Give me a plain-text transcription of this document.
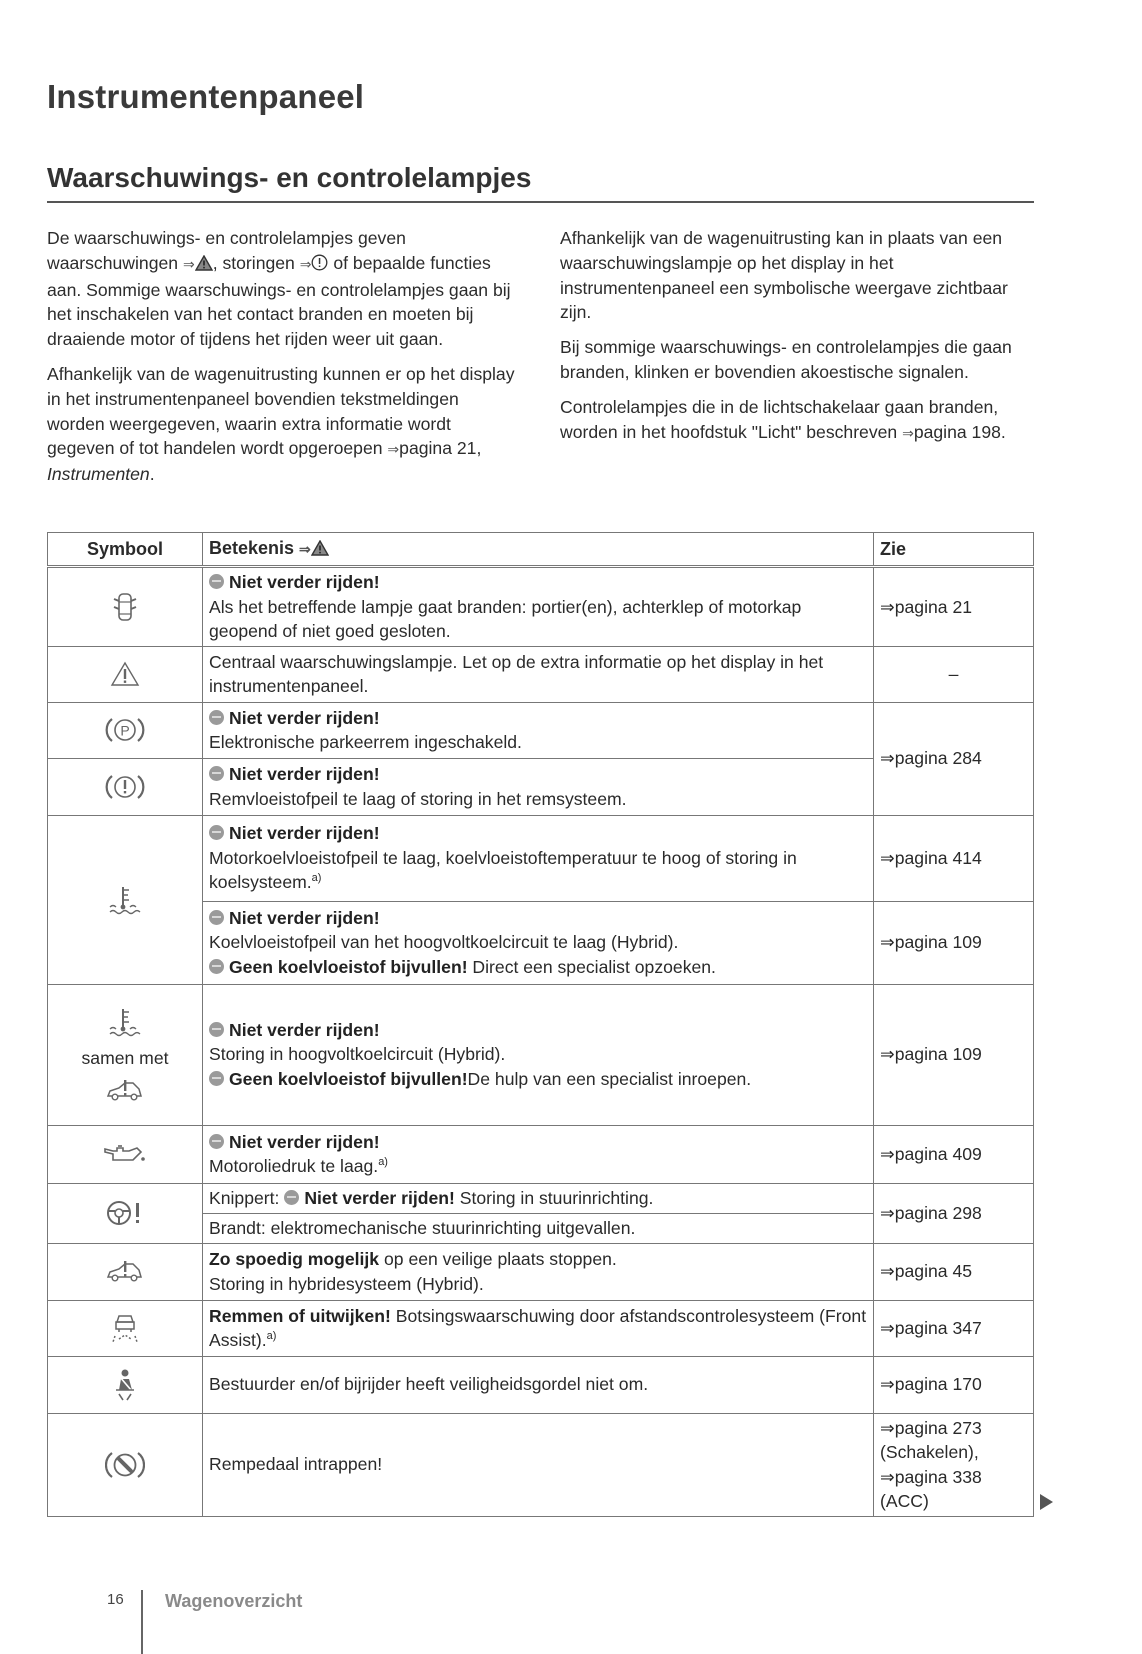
Instrumentenpaneel
Waarschuwings- en controlelampjes

De waarschuwings- en controlelampjes geven waarschuwingen ⇒ , storingen ⇒ of bepaalde functies aan. Sommige waarschuwings- en controlelampjes gaan bij het inschakelen van het contact branden en moeten bij draaiende motor of tijdens het rijden weer uit gaan.

Afhankelijk van de wagenuitrusting kunnen er op het display in het instrumentenpaneel bovendien tekstmeldingen worden weergegeven, waarin extra informatie wordt gegeven of tot handelen wordt opgeroepen ⇒pagina 21, Instrumenten.

Afhankelijk van de wagenuitrusting kan in plaats van een waarschuwingslampje op het display in het instrumentenpaneel een symbolische weergave zichtbaar zijn.

Bij sommige waarschuwings- en controlelampjes die gaan branden, klinken er bovendien akoestische signalen.

Controlelampjes die in de lichtschakelaar gaan branden, worden in het hoofdstuk "Licht" beschreven ⇒pagina 198.

Symbool	Betekenis ⇒	Zie

	Niet verder rijden!
Als het betreffende lampje gaat branden: portier(en), achterklep of motorkap geopend of niet goed gesloten.	⇒pagina 21

	Centraal waarschuwingslampje. Let op de extra informatie op het display in het instrumentenpaneel.	–

P	Niet verder rijden!
Elektronische parkeerrem ingeschakeld.	⇒pagina 284

	Niet verder rijden!
Remvloeistofpeil te laag of storing in het remsysteem.	

	Niet verder rijden!
Motorkoelvloeistofpeil te laag, koelvloeistoftemperatuur te hoog of storing in koelsysteem.$^{a)}$	⇒pagina 414
	Niet verder rijden!
Koelvloeistofpeil van het hoogvoltkoelcircuit te laag (Hybrid).
Geen koelvloeistof bijvullen! Direct een specialist opzoeken.	⇒pagina 109

samen met	Niet verder rijden!
Storing in hoogvoltkoelcircuit (Hybrid).
Geen koelvloeistof bijvullen!De hulp van een specialist inroepen.	⇒pagina 109

	Niet verder rijden!
Motoroliedruk te laag.$^{a)}$	⇒pagina 409

	Knippert: Niet verder rijden! Storing in stuurinrichting.	⇒pagina 298
	Brandt: elektromechanische stuurinrichting uitgevallen.	

	Zo spoedig mogelijk op een veilige plaats stoppen.
Storing in hybridesysteem (Hybrid).	⇒pagina 45

	Remmen of uitwijken! Botsingswaarschuwing door afstandscontrolesysteem (Front Assist).$^{a)}$	⇒pagina 347

	Bestuurder en/of bijrijder heeft veiligheidsgordel niet om.	⇒pagina 170

	Rempedaal intrappen!	⇒pagina 273
(Schakelen),
⇒pagina 338
(ACC)
16 Wagenoverzicht
